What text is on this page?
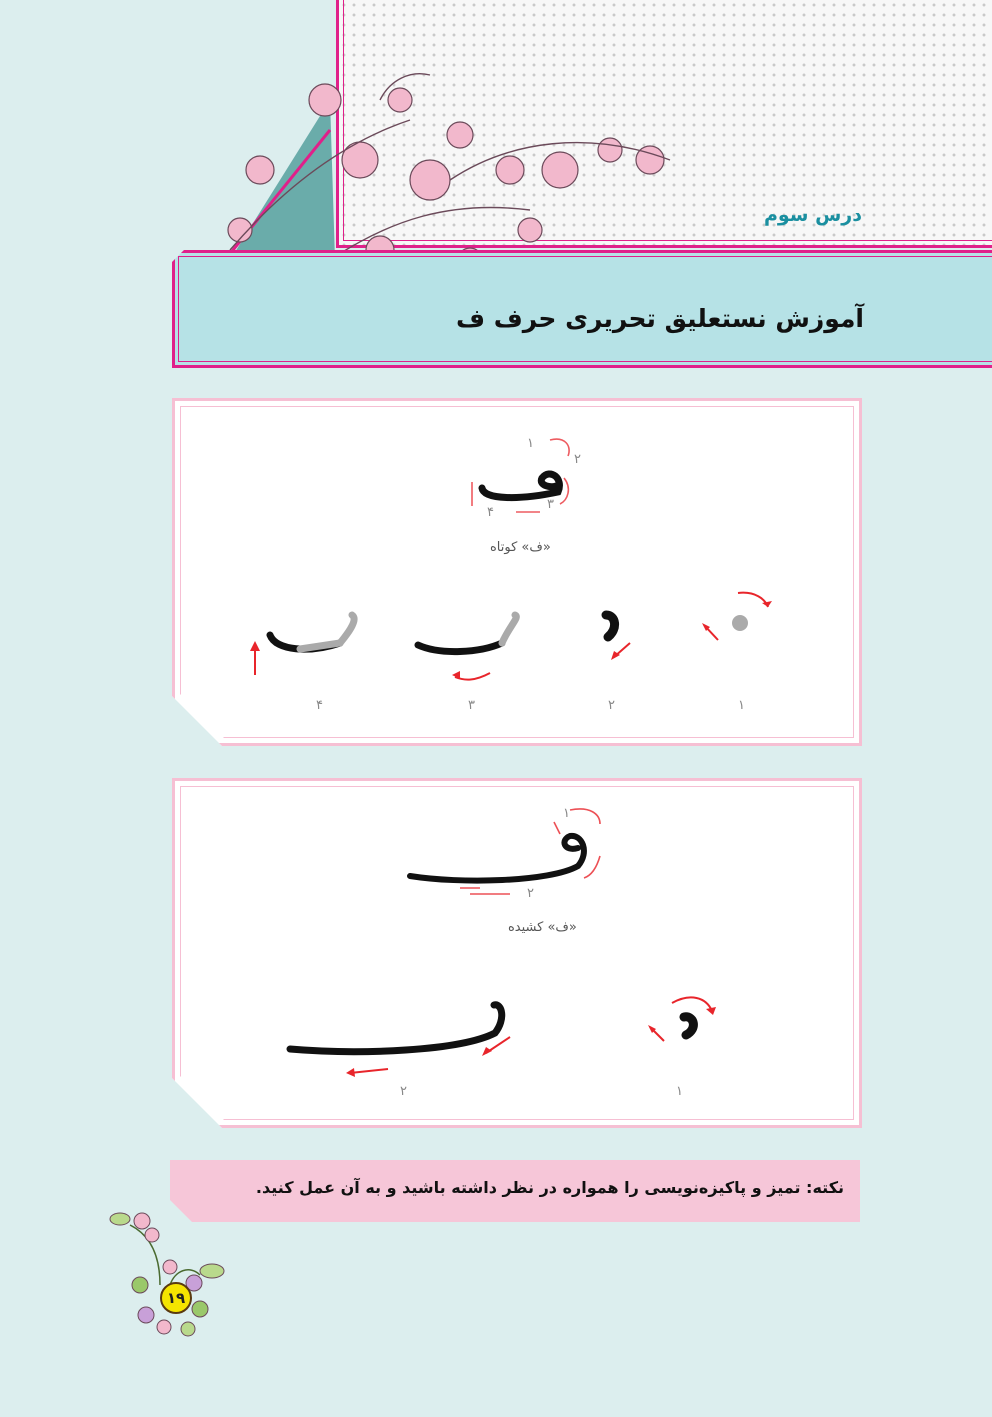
درس سوم
آموزش نستعلیق تحریری حرف ف
۱
۲
۳
۴
«ف» کوتاه
۱
۲
۳
۴
۱
۲
«ف» کشیده
۱
۲
نکته: تمیز و پاکیزه‌نویسی را همواره در نظر داشته باشید و به آن عمل کنید.
۱۹
